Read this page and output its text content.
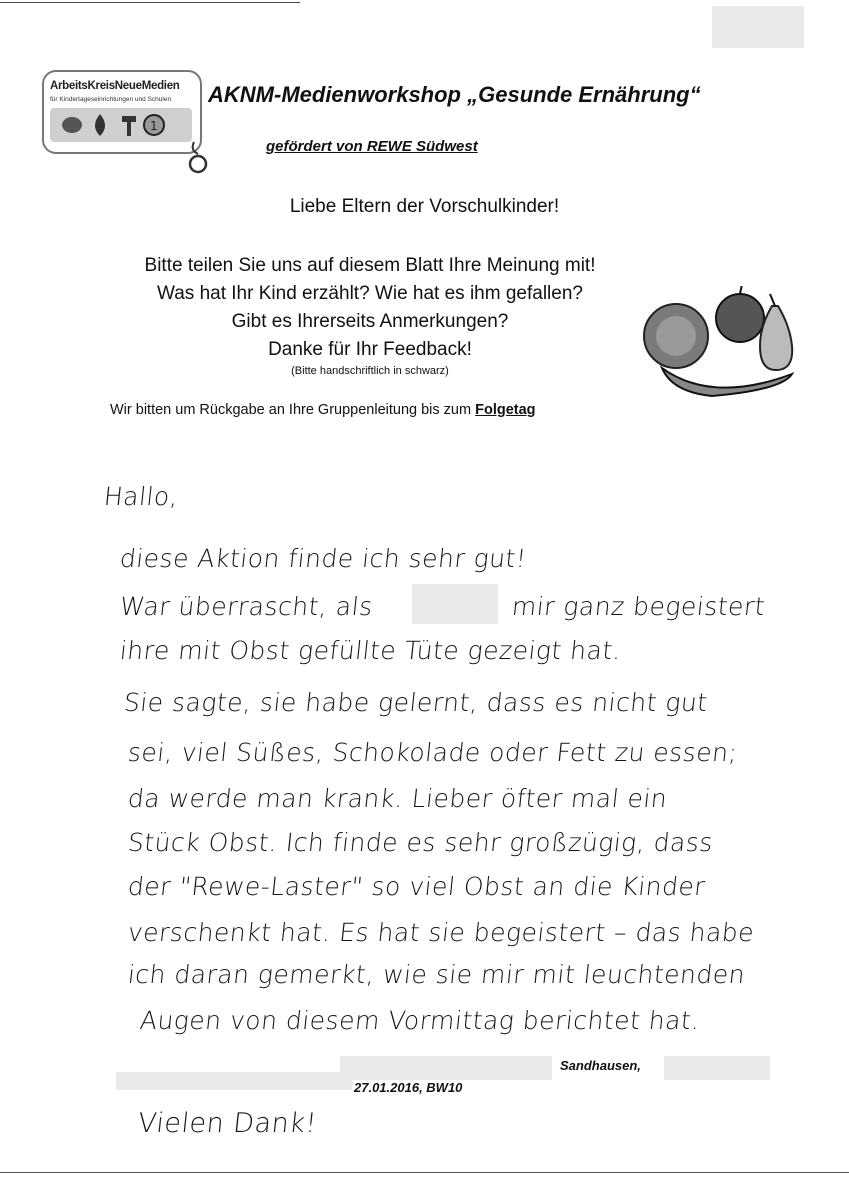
ArbeitsKreisNeueMedien
für Kindertageseinrichtungen und Schulen
1
AKNM-Medienworkshop „Gesunde Ernährung“
gefördert von REWE Südwest
Liebe Eltern der Vorschulkinder!
Bitte teilen Sie uns auf diesem Blatt Ihre Meinung mit!
Was hat Ihr Kind erzählt? Wie hat es ihm gefallen?
Gibt es Ihrerseits Anmerkungen?
Danke für Ihr Feedback!
(Bitte handschriftlich in schwarz)
Wir bitten um Rückgabe an Ihre Gruppenleitung bis zum Folgetag
Hallo,
diese Aktion finde ich sehr gut!
War überrascht, als	mir ganz begeistert
ihre mit Obst gefüllte Tüte gezeigt hat.
Sie sagte, sie habe gelernt, dass es nicht gut
sei, viel Süßes, Schokolade oder Fett zu essen;
da werde man krank. Lieber öfter mal ein
Stück Obst. Ich finde es sehr großzügig, dass
der "Rewe-Laster" so viel Obst an die Kinder
verschenkt hat. Es hat sie begeistert – das habe
ich daran gemerkt, wie sie mir mit leuchtenden
Augen von diesem Vormittag berichtet hat.
Sandhausen,
27.01.2016, BW10
Vielen Dank!
